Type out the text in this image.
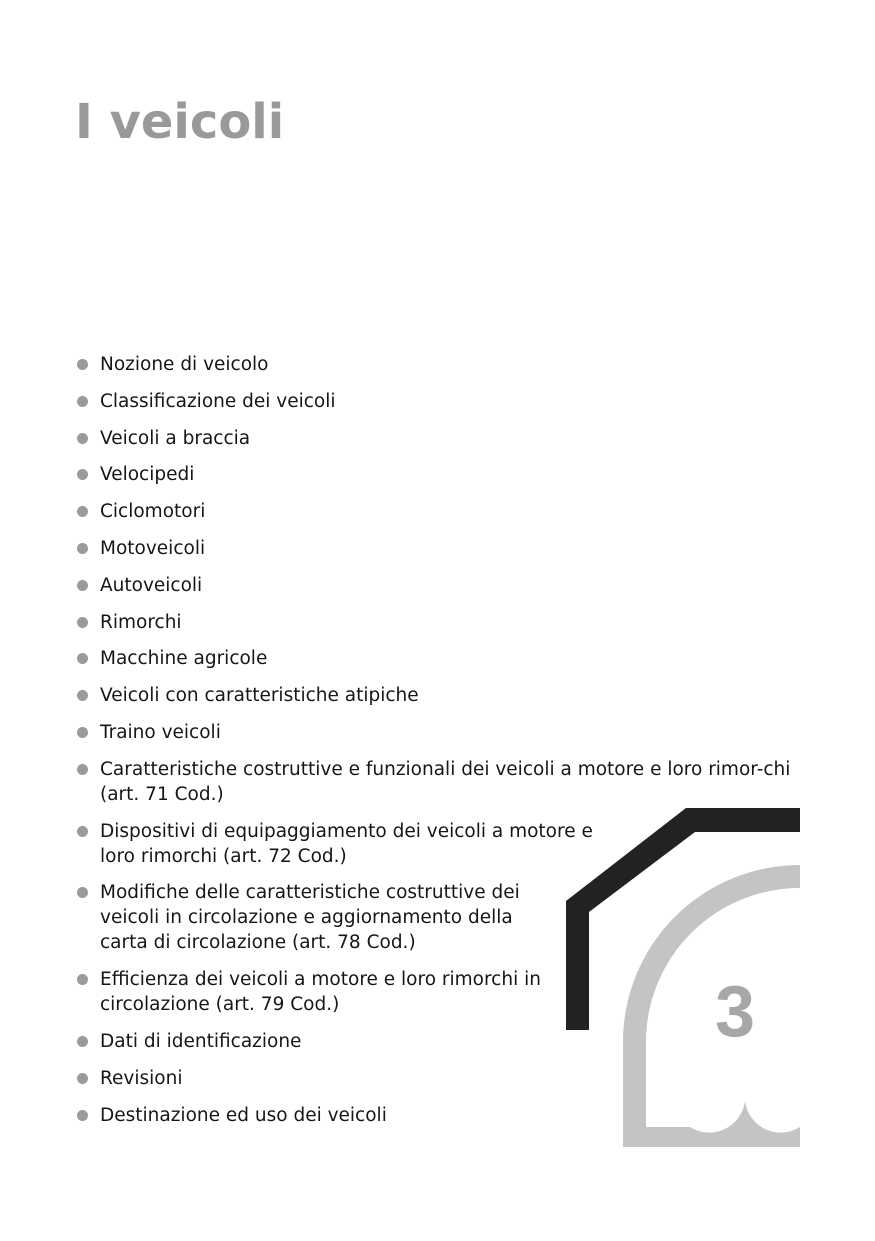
I veicoli
Nozione di veicolo
Classificazione dei veicoli
Veicoli a braccia
Velocipedi
Ciclomotori
Motoveicoli
Autoveicoli
Rimorchi
Macchine agricole
Veicoli con caratteristiche atipiche
Traino veicoli
Caratteristiche costruttive e funzionali dei veicoli a motore e loro rimor-chi (art. 71 Cod.)
Dispositivi di equipaggiamento dei veicoli a motore e loro rimorchi (art. 72 Cod.)
Modifiche delle caratteristiche costruttive dei veicoli in circolazione e aggiornamento della carta di circolazione (art. 78 Cod.)
Efficienza dei veicoli a motore e loro rimorchi in circolazione (art. 79 Cod.)
Dati di identificazione
Revisioni
Destinazione ed uso dei veicoli
3
